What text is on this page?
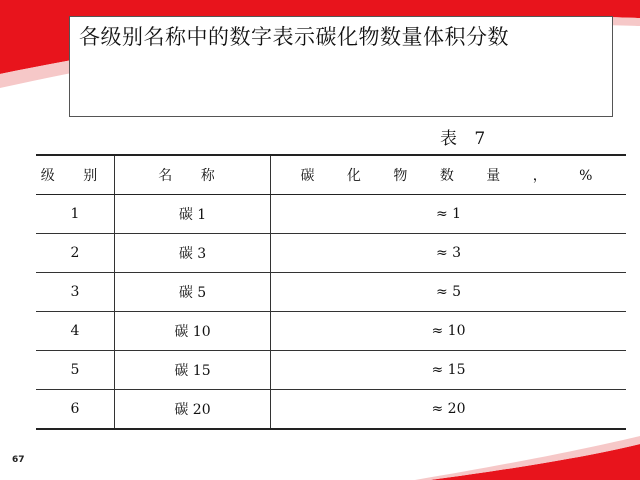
各级别名称中的数字表示碳化物数量体积分数
表 7
级 别	名 称	碳 化 物 数 量 ， %
1	碳 1	≈ 1
2	碳 3	≈ 3
3	碳 5	≈ 5
4	碳 10	≈ 10
5	碳 15	≈ 15
6	碳 20	≈ 20
67
